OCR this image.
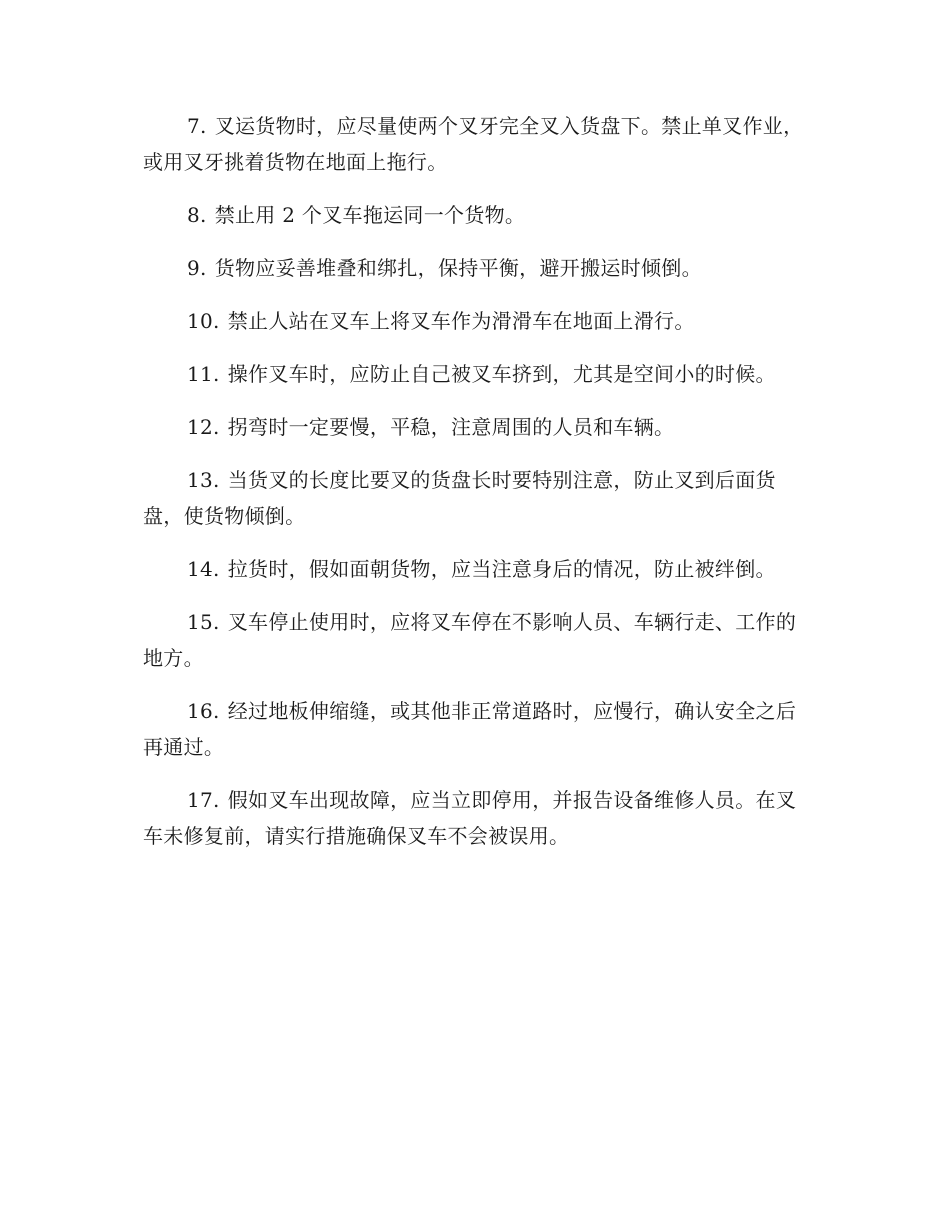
7. 叉运货物时，应尽量使两个叉牙完全叉入货盘下。禁止单叉作业，或用叉牙挑着货物在地面上拖行。

8. 禁止用 2 个叉车拖运同一个货物。

9. 货物应妥善堆叠和绑扎，保持平衡，避开搬运时倾倒。

10. 禁止人站在叉车上将叉车作为滑滑车在地面上滑行。

11. 操作叉车时，应防止自己被叉车挤到，尤其是空间小的时候。

12. 拐弯时一定要慢，平稳，注意周围的人员和车辆。

13. 当货叉的长度比要叉的货盘长时要特别注意，防止叉到后面货盘，使货物倾倒。

14. 拉货时，假如面朝货物，应当注意身后的情况，防止被绊倒。

15. 叉车停止使用时，应将叉车停在不影响人员、车辆行走、工作的地方。

16. 经过地板伸缩缝，或其他非正常道路时，应慢行，确认安全之后再通过。

17. 假如叉车出现故障，应当立即停用，并报告设备维修人员。在叉车未修复前，请实行措施确保叉车不会被误用。
